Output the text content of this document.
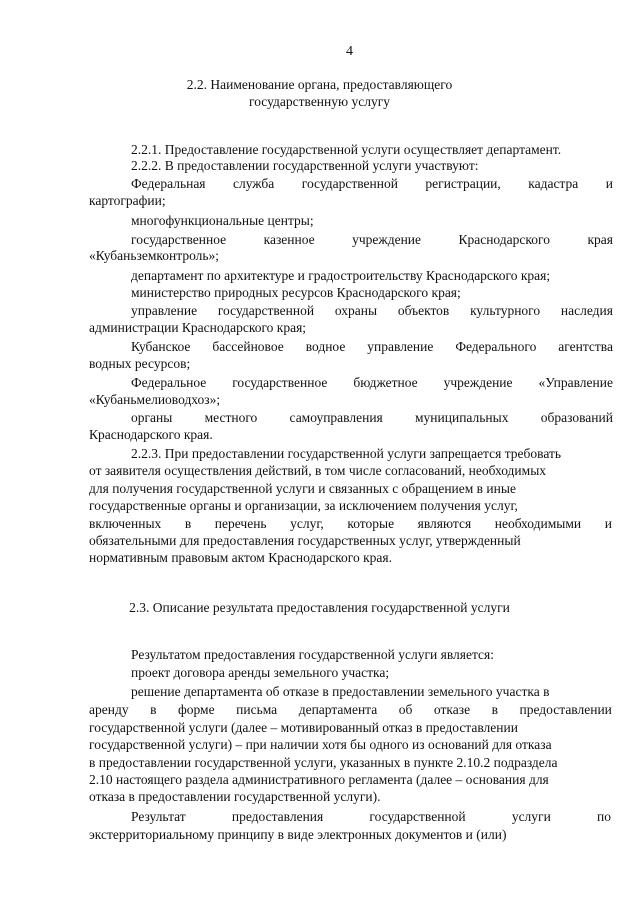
4
2.2. Наименование органа, предоставляющего
государственную услугу
2.2.1. Предоставление государственной услуги осуществляет департамент.
2.2.2. В предоставлении государственной услуги участвуют:
Федеральная служба государственной регистрации, кадастра и
картографии;
многофункциональные центры;
государственное	казенное	учреждение	Краснодарского	края
«Кубаньземконтроль»;
департамент по архитектуре и градостроительству Краснодарского края;
министерство природных ресурсов Краснодарского края;
управление государственной охраны объектов культурного наследия
администрации Краснодарского края;
Кубанское бассейновое водное управление Федерального агентства
водных ресурсов;
Федеральное государственное бюджетное учреждение «Управление
«Кубаньмелиоводхоз»;
органы местного самоуправления муниципальных образований
Краснодарского края.
2.2.3. При предоставлении государственной услуги запрещается требовать
от заявителя осуществления действий, в том числе согласований, необходимых
для получения государственной услуги и связанных с обращением в иные
государственные органы и организации, за исключением получения услуг,
включенных в перечень услуг, которые являются необходимыми и
обязательными для предоставления государственных услуг, утвержденный
нормативным правовым актом Краснодарского края.
2.3. Описание результата предоставления государственной услуги
Результатом предоставления государственной услуги является:
проект договора аренды земельного участка;
решение департамента об отказе в предоставлении земельного участка в
аренду в форме письма департамента об отказе в предоставлении
государственной услуги (далее – мотивированный отказ в предоставлении
государственной услуги) – при наличии хотя бы одного из оснований для отказа
в предоставлении государственной услуги, указанных в пункте 2.10.2 подраздела
2.10 настоящего раздела административного регламента (далее – основания для
отказа в предоставлении государственной услуги).
Результат	предоставления	государственной	услуги	по
экстерриториальному принципу в виде электронных документов и (или)
